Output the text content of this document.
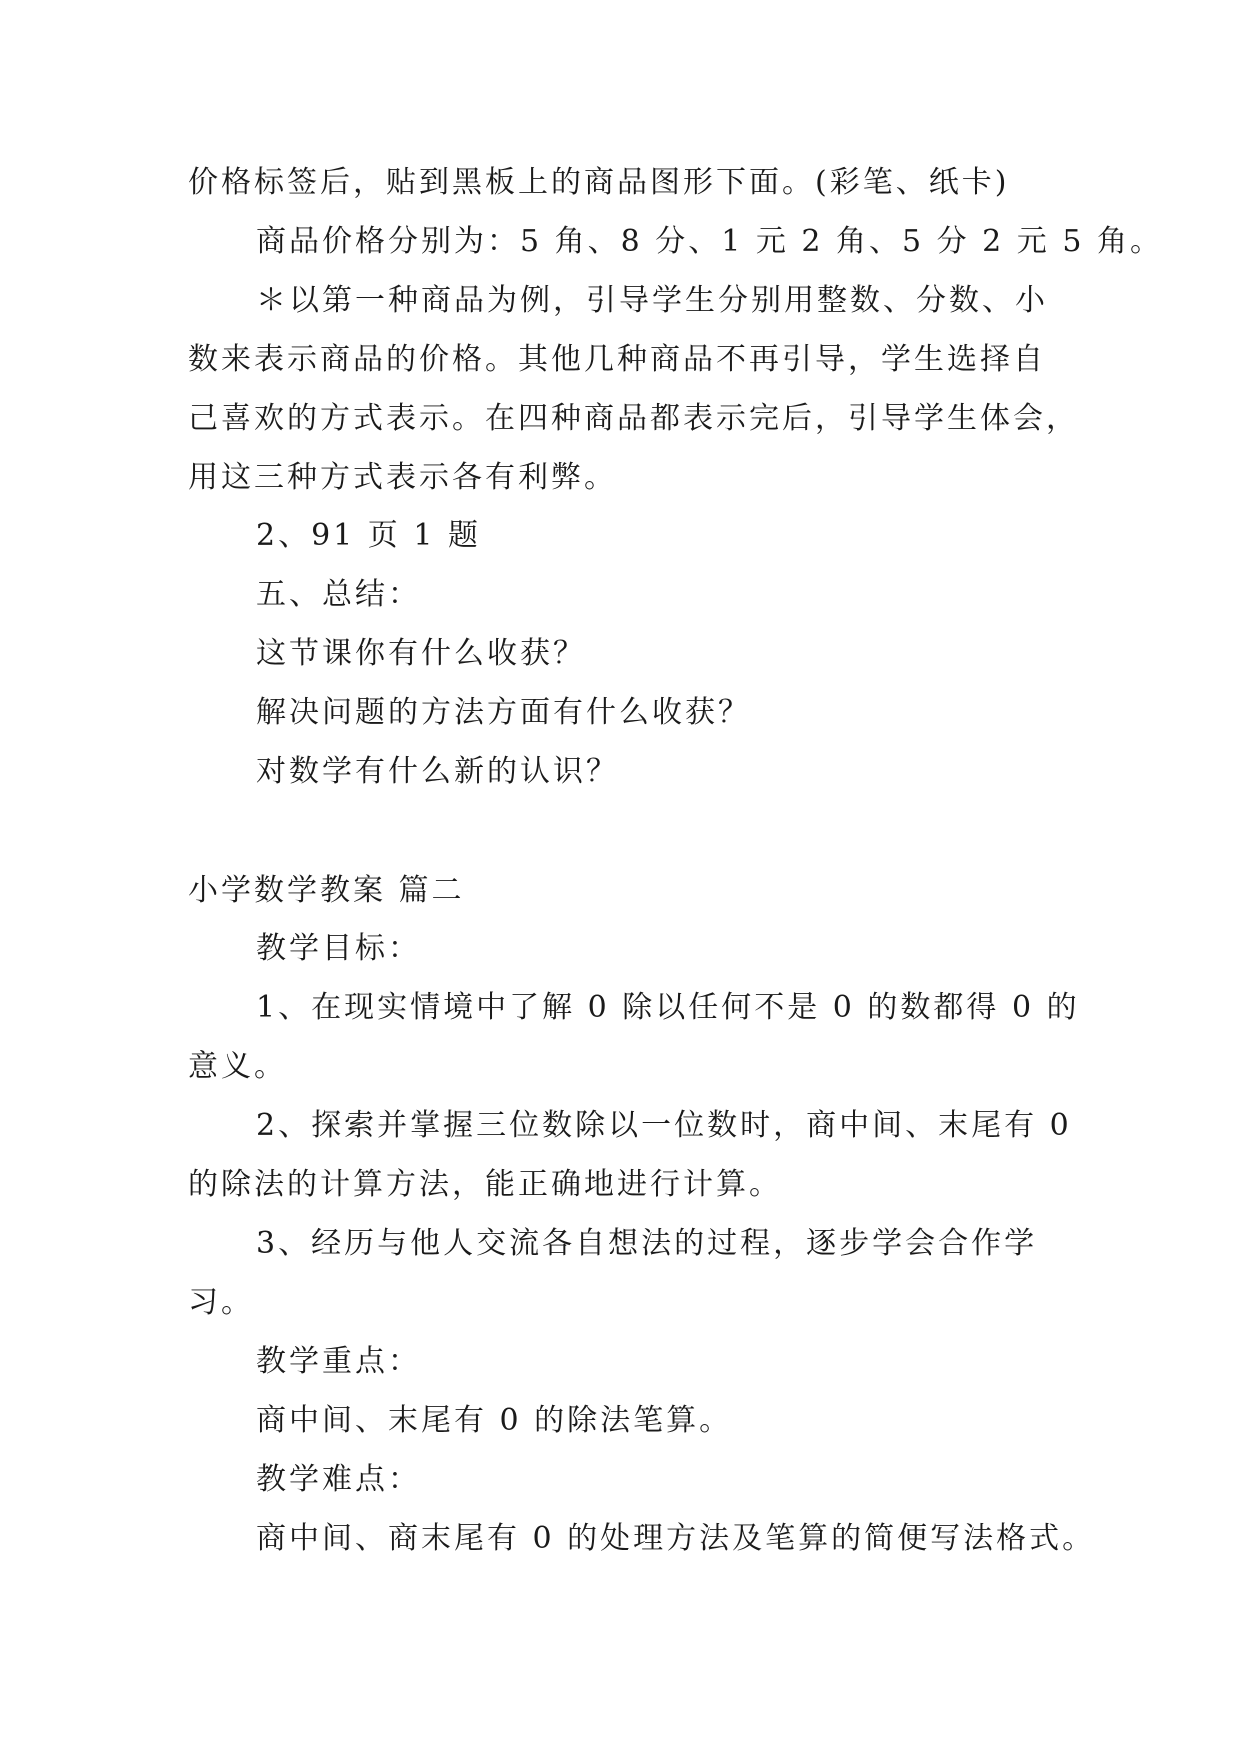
价格标签后，贴到黑板上的商品图形下面。(彩笔、纸卡)

商品价格分别为：5 角、8 分、1 元 2 角、5 分 2 元 5 角。

＊以第一种商品为例，引导学生分别用整数、分数、小

数来表示商品的价格。其他几种商品不再引导，学生选择自

己喜欢的方式表示。在四种商品都表示完后，引导学生体会，

用这三种方式表示各有利弊。

2、91 页 1 题

五、总结：

这节课你有什么收获？

解决问题的方法方面有什么收获？

对数学有什么新的认识？

小学数学教案 篇二

教学目标：

1、在现实情境中了解 0 除以任何不是 0 的数都得 0 的

意义。

2、探索并掌握三位数除以一位数时，商中间、末尾有 0

的除法的计算方法，能正确地进行计算。

3、经历与他人交流各自想法的过程，逐步学会合作学

习。

教学重点：

商中间、末尾有 0 的除法笔算。

教学难点：

商中间、商末尾有 0 的处理方法及笔算的简便写法格式。
